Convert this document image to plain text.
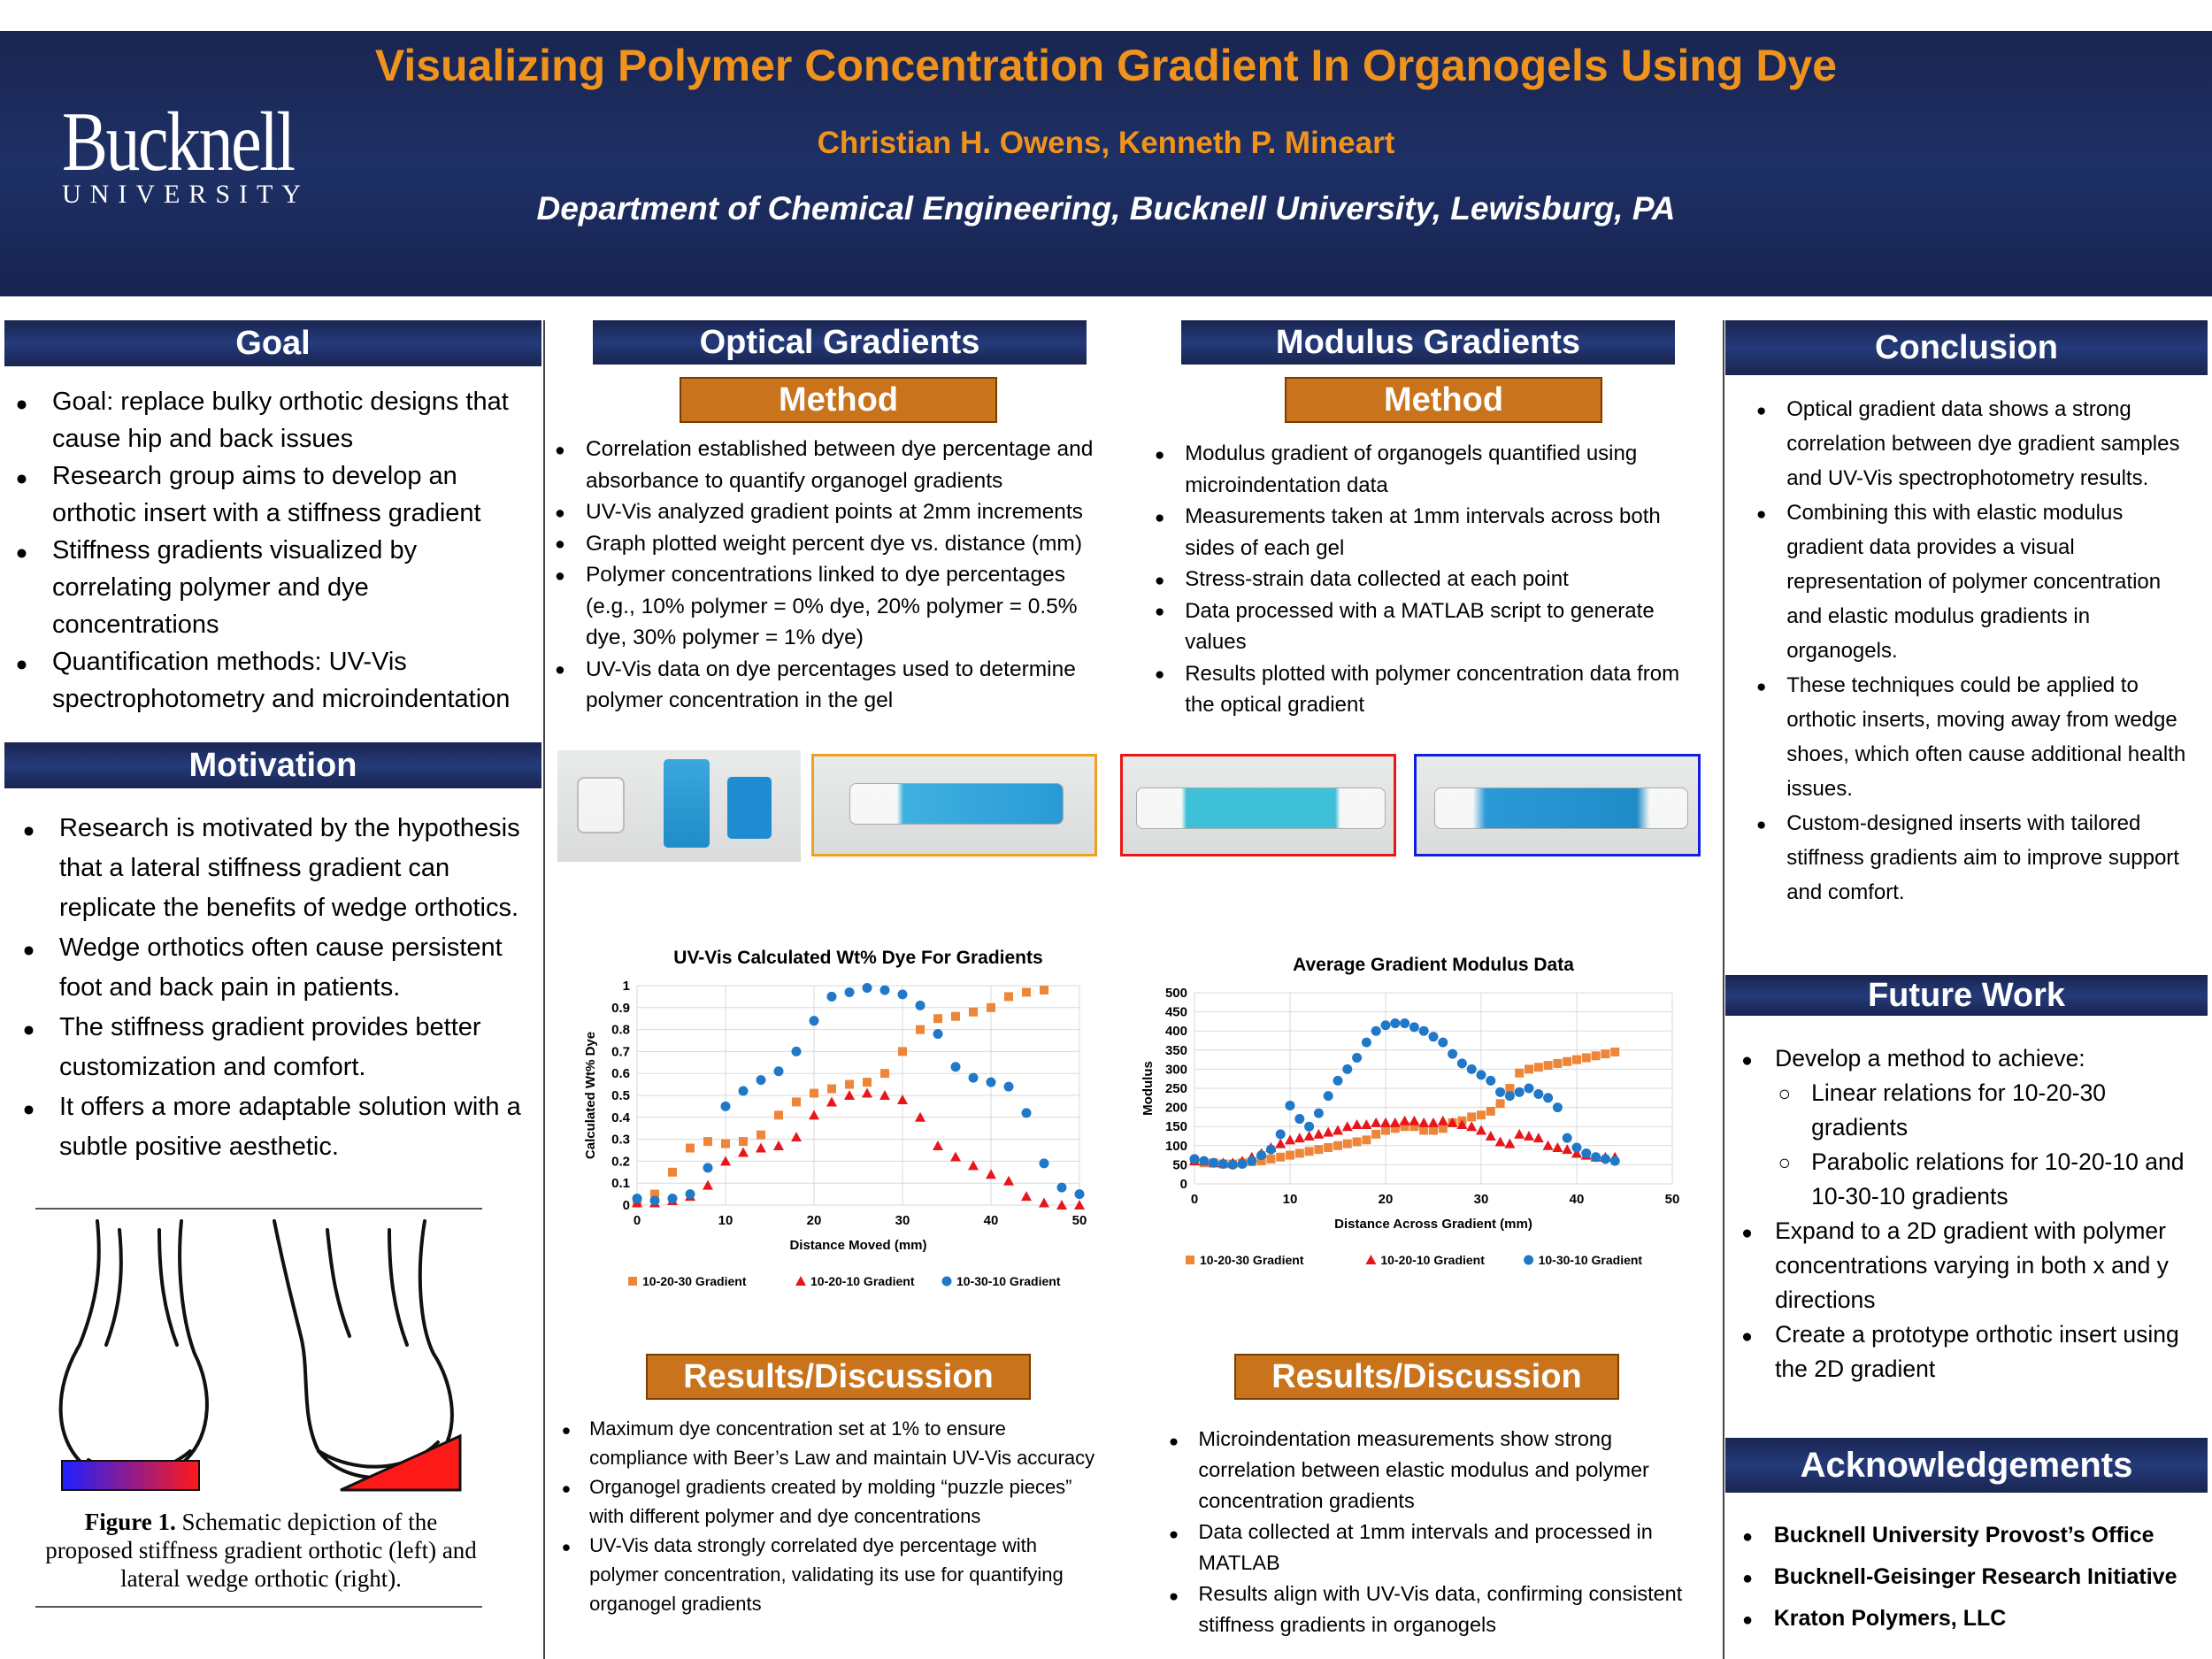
Visualizing Polymer Concentration Gradient In Organogels Using Dye
Christian H. Owens, Kenneth P. Mineart
Department of Chemical Engineering, Bucknell University, Lewisburg, PA
Bucknell
UNIVERSITY
Goal
● Goal: replace bulky orthotic designs that cause hip and back issues
● Research group aims to develop an orthotic insert with a stiffness gradient
● Stiffness gradients visualized by correlating polymer and dye concentrations
● Quantification methods: UV-Vis spectrophotometry and microindentation
Motivation
● Research is motivated by the hypothesis that a lateral stiffness gradient can replicate the benefits of wedge orthotics.
● Wedge orthotics often cause persistent foot and back pain in patients.
● The stiffness gradient provides better customization and comfort.
● It offers a more adaptable solution with a subtle positive aesthetic.
Figure 1. Schematic depiction of the proposed stiffness gradient orthotic (left) and lateral wedge orthotic (right).
Optical Gradients
Method
● Correlation established between dye percentage and absorbance to quantify organogel gradients
● UV-Vis analyzed gradient points at 2mm increments
● Graph plotted weight percent dye vs. distance (mm)
● Polymer concentrations linked to dye percentages (e.g., 10% polymer = 0% dye, 20% polymer = 0.5% dye, 30% polymer = 1% dye)
● UV-Vis data on dye percentages used to determine polymer concentration in the gel
Modulus Gradients
Method
● Modulus gradient of organogels quantified using microindentation data
● Measurements taken at 1mm intervals across both sides of each gel
● Stress-strain data collected at each point
● Data processed with a MATLAB script to generate values
● Results plotted with polymer concentration data from the optical gradient
UV-Vis Calculated Wt% Dye For Gradients
0
0.1
0.2
0.3
0.4
0.5
0.6
0.7
0.8
0.9
1
0	10	20	30	40	50
Distance Moved (mm)
Calculated Wt% Dye
10-20-30 Gradient	10-20-10 Gradient	10-30-10 Gradient
Average Gradient Modulus Data
0
50
100
150
200
250
300
350
400
450
500
0	10	20	30	40	50
Distance Across Gradient (mm)
Modulus
10-20-30 Gradient	10-20-10 Gradient	10-30-10 Gradient
Results/Discussion
● Maximum dye concentration set at 1% to ensure compliance with Beer’s Law and maintain UV-Vis accuracy
● Organogel gradients created by molding “puzzle pieces” with different polymer and dye concentrations
● UV-Vis data strongly correlated dye percentage with polymer concentration, validating its use for quantifying organogel gradients
Results/Discussion
● Microindentation measurements show strong correlation between elastic modulus and polymer concentration gradients
● Data collected at 1mm intervals and processed in MATLAB
● Results align with UV-Vis data, confirming consistent stiffness gradients in organogels
Conclusion
● Optical gradient data shows a strong correlation between dye gradient samples and UV-Vis spectrophotometry results.
● Combining this with elastic modulus gradient data provides a visual representation of polymer concentration and elastic modulus gradients in organogels.
● These techniques could be applied to orthotic inserts, moving away from wedge shoes, which often cause additional health issues.
● Custom-designed inserts with tailored stiffness gradients aim to improve support and comfort.
Future Work
● Develop a method to achieve:
○ Linear relations for 10-20-30 gradients
○ Parabolic relations for 10-20-10 and 10-30-10 gradients
● Expand to a 2D gradient with polymer concentrations varying in both x and y directions
● Create a prototype orthotic insert using the 2D gradient
Acknowledgements
● Bucknell University Provost’s Office
● Bucknell-Geisinger Research Initiative
● Kraton Polymers, LLC
